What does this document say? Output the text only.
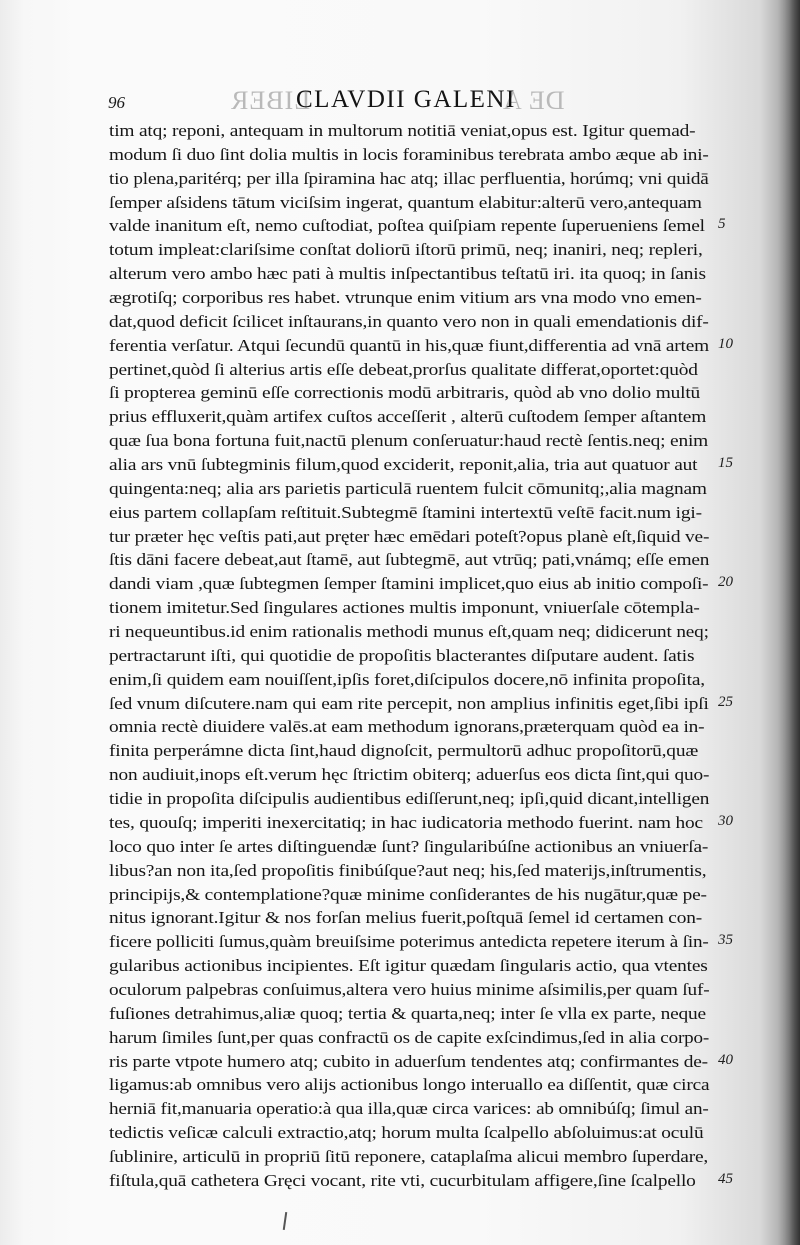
LIBER	DE A
96	CLAVDII GALENI
tim atq; reponi, antequam in multorum notitiā veniat,opus est. Igitur quemad-
modum ſi duo ſint dolia multis in locis foraminibus terebrata ambo æque ab ini-
tio plena,paritérq; per illa ſpiramina hac atq; illac perfluentia, horúmq; vni quidā
ſemper aſsidens tātum viciſsim ingerat, quantum elabitur:alterū vero,antequam
valde inanitum eſt, nemo cuſtodiat, poſtea quiſpiam repente ſuperueniens ſemel
totum impleat:clariſsime conſtat doliorū iſtorū primū, neq; inaniri, neq; repleri,
alterum vero ambo hæc pati à multis inſpectantibus teſtatū iri. ita quoq; in ſanis
ægrotiſq; corporibus res habet. vtrunque enim vitium ars vna modo vno emen-
dat,quod deficit ſcilicet inſtaurans,in quanto vero non in quali emendationis dif-
ferentia verſatur. Atqui ſecundū quantū in his,quæ fiunt,differentia ad vnā artem
pertinet,quòd ſi alterius artis eſſe debeat,prorſus qualitate differat,oportet:quòd
ſi propterea geminū eſſe correctionis modū arbitraris, quòd ab vno dolio multū
prius effluxerit,quàm artifex cuſtos acceſſerit , alterū cuſtodem ſemper aſtantem
quæ ſua bona fortuna fuit,nactū plenum conſeruatur:haud rectè ſentis.neq; enim
alia ars vnū ſubtegminis filum,quod exciderit, reponit,alia, tria aut quatuor aut
quingenta:neq; alia ars parietis particulā ruentem fulcit cōmunitq;,alia magnam
eius partem collapſam reſtituit.Subtegmē ſtamini intertextū veſtē facit.num igi-
tur præter hęc veſtis pati,aut pręter hæc emēdari poteſt?opus planè eſt,ſiquid ve-
ſtis dāni facere debeat,aut ſtamē, aut ſubtegmē, aut vtrūq; pati,vnámq; eſſe emen
dandi viam ,quæ ſubtegmen ſemper ſtamini implicet,quo eius ab initio compoſi-
tionem imitetur.Sed ſingulares actiones multis imponunt, vniuerſale cōtempla-
ri nequeuntibus.id enim rationalis methodi munus eſt,quam neq; didicerunt neq;
pertractarunt iſti, qui quotidie de propoſitis blacterantes diſputare audent. ſatis
enim,ſi quidem eam nouiſſent,ipſis foret,diſcipulos docere,nō infinita propoſita,
ſed vnum diſcutere.nam qui eam rite percepit, non amplius infinitis eget,ſibi ipſi
omnia rectè diuidere valēs.at eam methodum ignorans,præterquam quòd ea in-
finita perperámne dicta ſint,haud dignoſcit, permultorū adhuc propoſitorū,quæ
non audiuit,inops eſt.verum hęc ſtrictim obiterq; aduerſus eos dicta ſint,qui quo-
tidie in propoſita diſcipulis audientibus ediſſerunt,neq; ipſi,quid dicant,intelligen
tes, quouſq; imperiti inexercitatiq; in hac iudicatoria methodo fuerint. nam hoc
loco quo inter ſe artes diſtinguendæ ſunt? ſingularibúſne actionibus an vniuerſa-
libus?an non ita,ſed propoſitis finibúſque?aut neq; his,ſed materijs,inſtrumentis,
principijs,& contemplatione?quæ minime conſiderantes de his nugātur,quæ pe-
nitus ignorant.Igitur & nos forſan melius fuerit,poſtquā ſemel id certamen con-
ficere polliciti ſumus,quàm breuiſsime poterimus antedicta repetere iterum à ſin-
gularibus actionibus incipientes. Eſt igitur quædam ſingularis actio, qua vtentes
oculorum palpebras conſuimus,altera vero huius minime aſsimilis,per quam ſuf-
fuſiones detrahimus,aliæ quoq; tertia & quarta,neq; inter ſe vlla ex parte, neque
harum ſimiles ſunt,per quas confractū os de capite exſcindimus,ſed in alia corpo-
ris parte vtpote humero atq; cubito in aduerſum tendentes atq; confirmantes de-
ligamus:ab omnibus vero alijs actionibus longo interuallo ea diſſentit, quæ circa
herniā fit,manuaria operatio:à qua illa,quæ circa varices: ab omnibúſq; ſimul an-
tedictis veſicæ calculi extractio,atq; horum multa ſcalpello abſoluimus:at oculū
ſublinire, articulū in propriū ſitū reponere, cataplaſma alicui membro ſuperdare,
fiſtula,quā cathetera Gręci vocant, rite vti, cucurbitulam affigere,ſine ſcalpello
5
10
15
20
25
30
35
40
45
